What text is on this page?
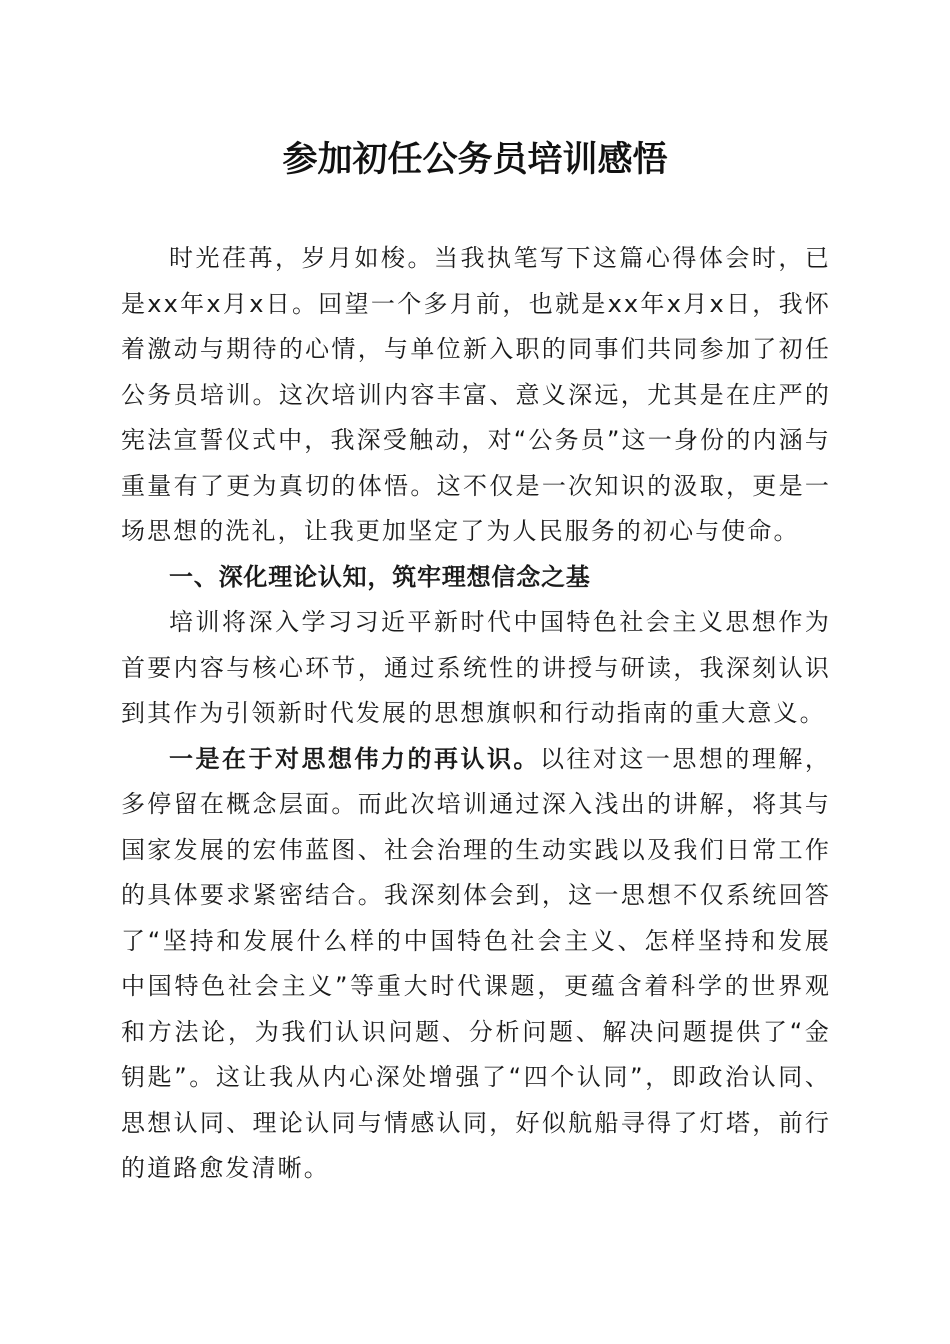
参加初任公务员培训感悟

时光荏苒，岁月如梭。当我执笔写下这篇心得体会时，已是xx年x月x日。回望一个多月前，也就是xx年x月x日，我怀着激动与期待的心情，与单位新入职的同事们共同参加了初任公务员培训。这次培训内容丰富、意义深远，尤其是在庄严的宪法宣誓仪式中，我深受触动，对“公务员”这一身份的内涵与重量有了更为真切的体悟。这不仅是一次知识的汲取，更是一场思想的洗礼，让我更加坚定了为人民服务的初心与使命。

一、深化理论认知，筑牢理想信念之基

培训将深入学习习近平新时代中国特色社会主义思想作为首要内容与核心环节，通过系统性的讲授与研读，我深刻认识到其作为引领新时代发展的思想旗帜和行动指南的重大意义。

一是在于对思想伟力的再认识。以往对这一思想的理解，多停留在概念层面。而此次培训通过深入浅出的讲解，将其与国家发展的宏伟蓝图、社会治理的生动实践以及我们日常工作的具体要求紧密结合。我深刻体会到，这一思想不仅系统回答了“坚持和发展什么样的中国特色社会主义、怎样坚持和发展中国特色社会主义”等重大时代课题，更蕴含着科学的世界观和方法论，为我们认识问题、分析问题、解决问题提供了“金钥匙”。这让我从内心深处增强了“四个认同”，即政治认同、思想认同、理论认同与情感认同，好似航船寻得了灯塔，前行的道路愈发清晰。
